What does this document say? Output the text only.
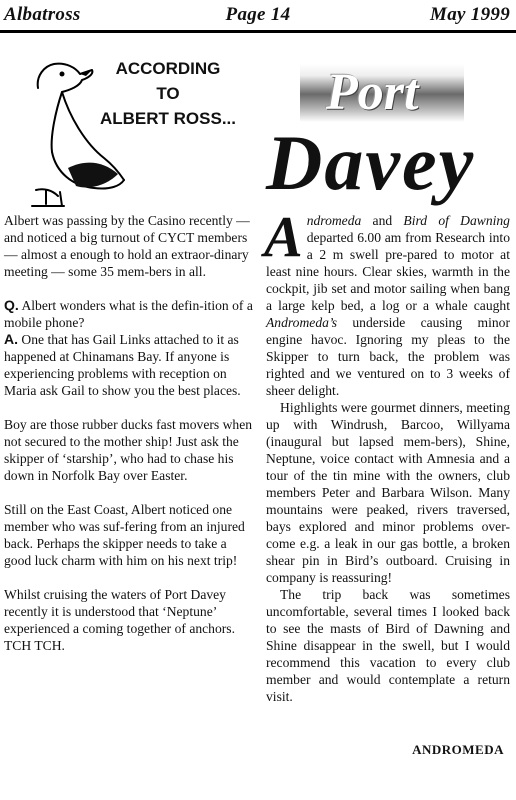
Albatross	Page 14	May 1999
ACCORDING
TO
ALBERT ROSS...

Albert was passing by the Casino recently — and noticed a big turnout of CYCT members — almost a enough to hold an extraor-dinary meeting — some 35 mem-bers in all.

Q. Albert wonders what is the defin-ition of a mobile phone?

A. One that has Gail Links attached to it as happened at Chinamans Bay. If anyone is experiencing problems with reception on Maria ask Gail to show you the best places.

Boy are those rubber ducks fast movers when not secured to the mother ship! Just ask the skipper of ‘starship’, who had to chase his down in Norfolk Bay over Easter.

Still on the East Coast, Albert noticed one member who was suf-fering from an injured back. Perhaps the skipper needs to take a good luck charm with him on his next trip!

Whilst cruising the waters of Port Davey recently it is understood that ‘Neptune’ experienced a coming together of anchors. TCH TCH.

Port
Davey

Andromeda and Bird of Dawning departed 6.00 am from Research into a 2 m swell pre-pared to motor at least nine hours. Clear skies, warmth in the cockpit, jib set and motor sailing when bang a large kelp bed, a log or a whale caught Andromeda’s underside causing minor engine havoc. Ignoring my pleas to the Skipper to turn back, the problem was righted and we ventured on to 3 weeks of sheer delight.

Highlights were gourmet dinners, meeting up with Windrush, Barcoo, Willyama (inaugural but lapsed mem-bers), Shine, Neptune, voice contact with Amnesia and a tour of the tin mine with the owners, club members Peter and Barbara Wilson. Many mountains were peaked, rivers traversed, bays explored and minor problems over-come e.g. a leak in our gas bottle, a broken shear pin in Bird’s outboard. Cruising in company is reassuring!

The trip back was sometimes uncomfortable, several times I looked back to see the masts of Bird of Dawning and Shine disappear in the swell, but I would recommend this vacation to every club member and would contemplate a return visit.

ANDROMEDA
